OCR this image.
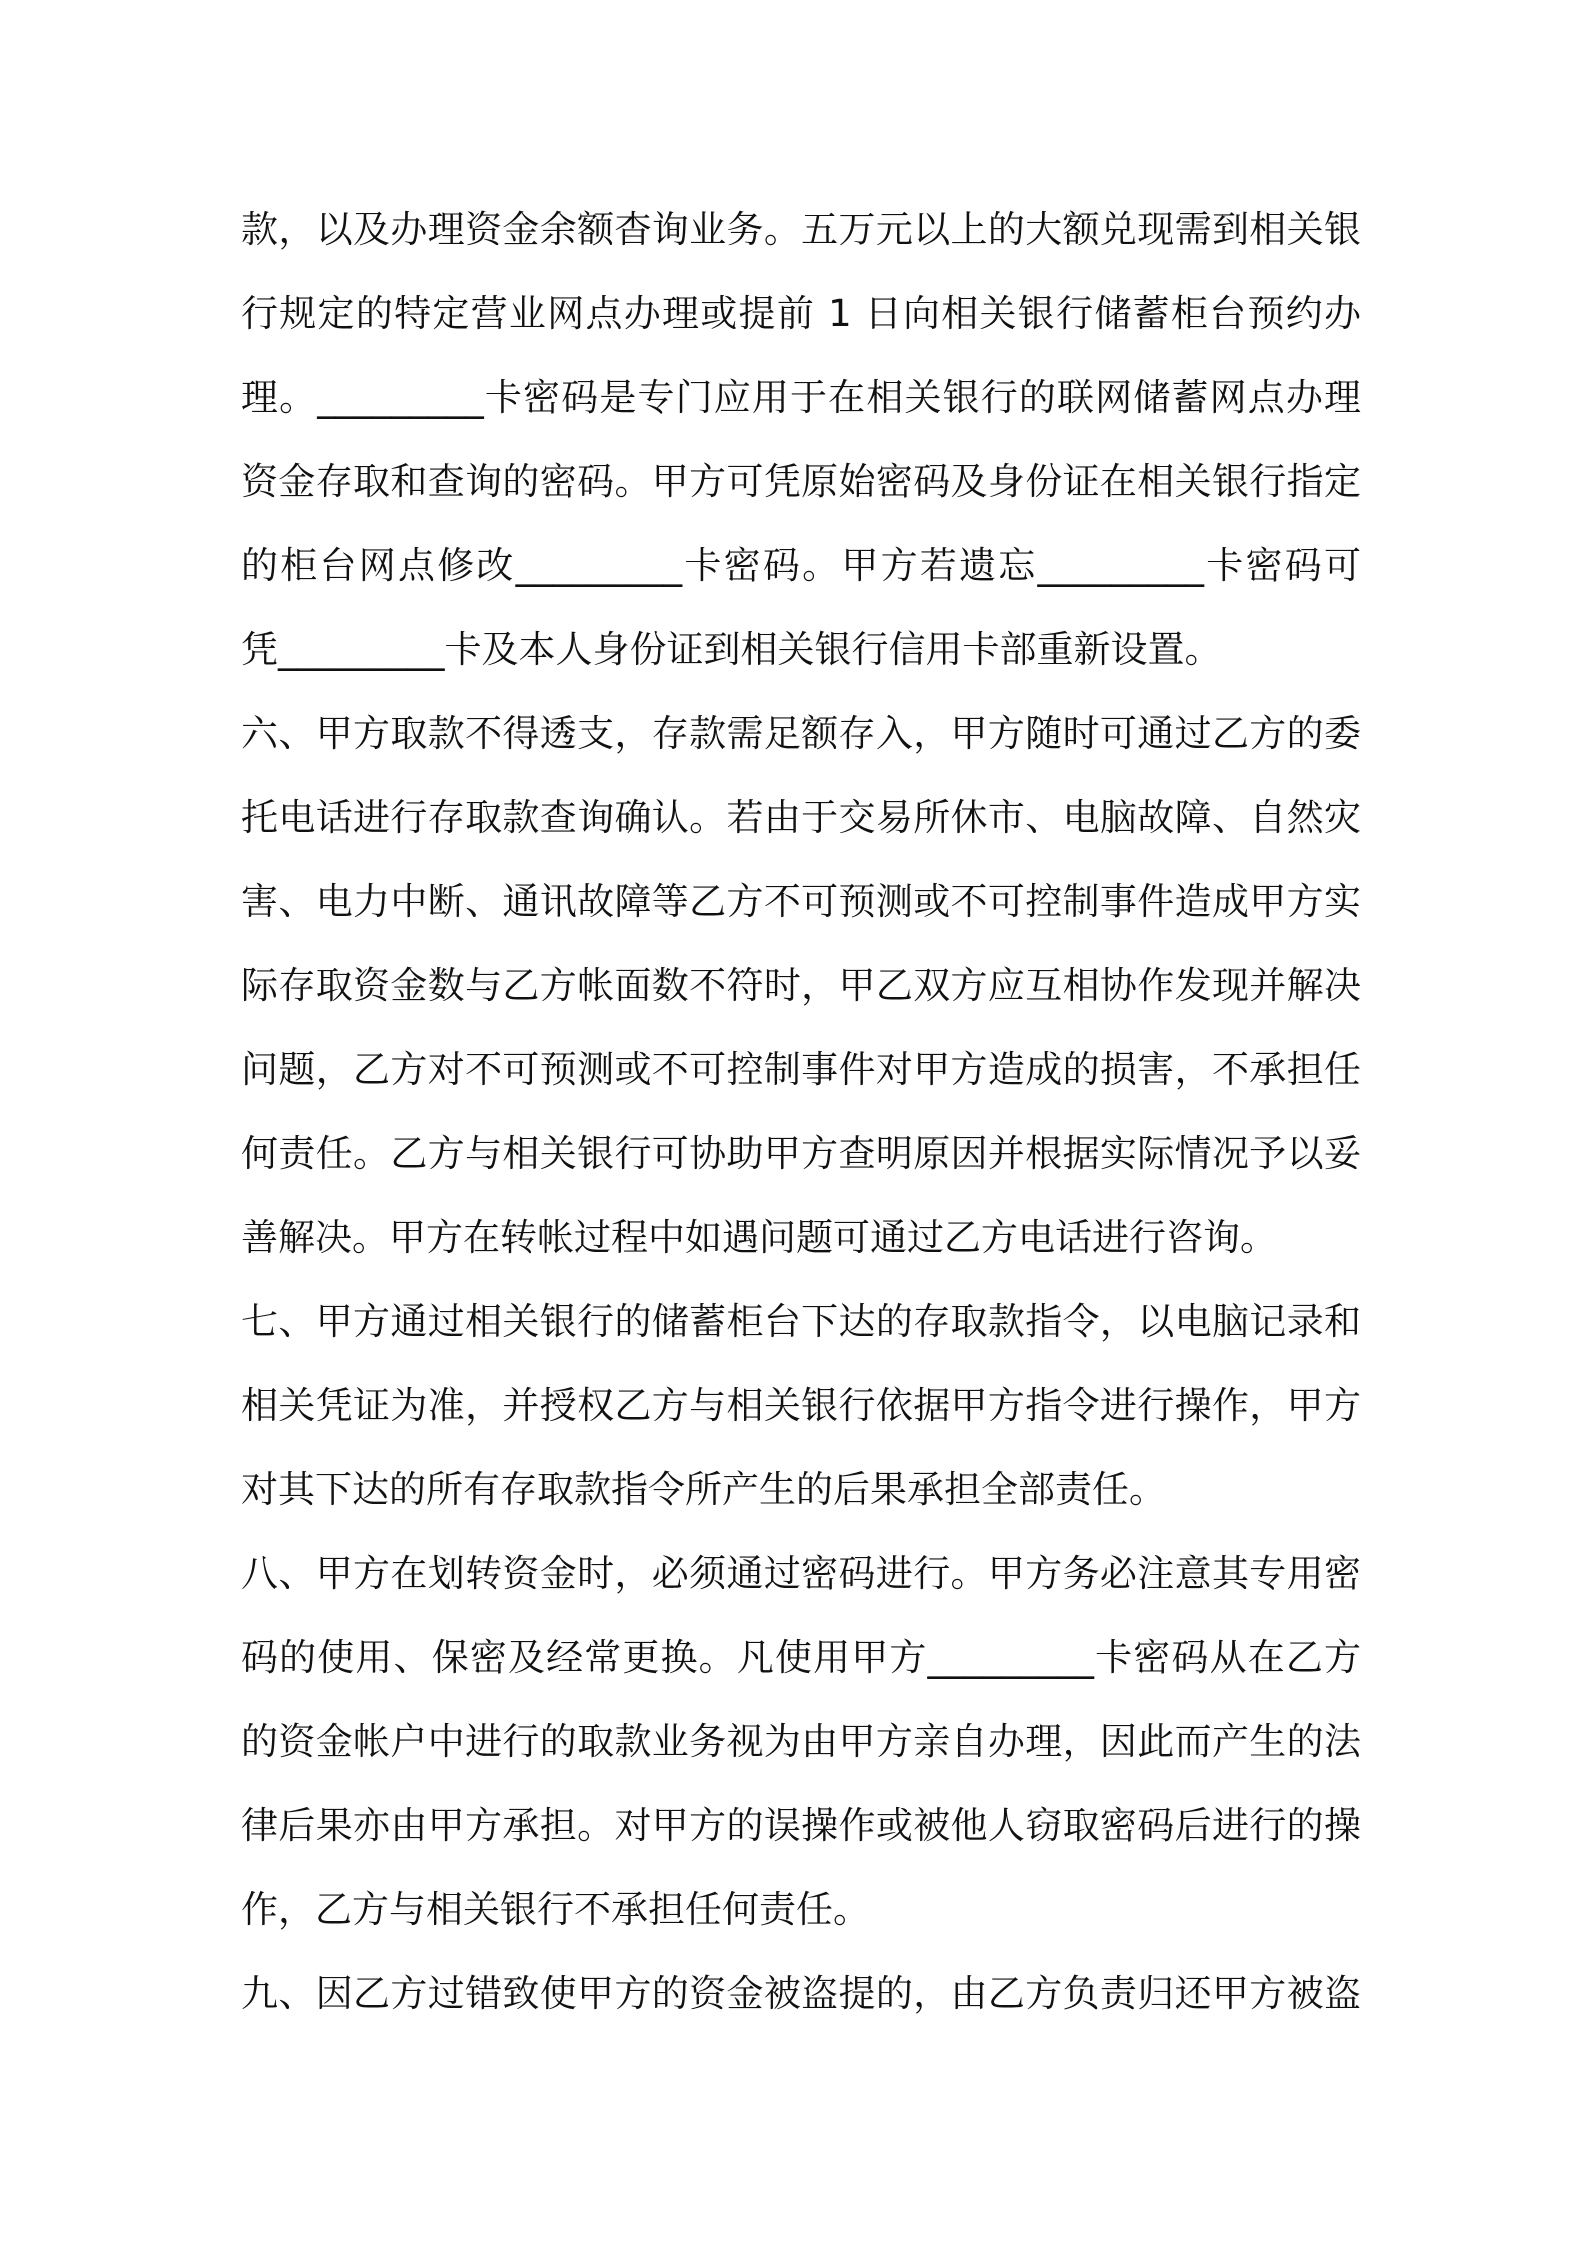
款，以及办理资金余额杳询业务。五万元以上的大额兑现需到相关银
行规定的特定营业网点办理或提前 1 日向相关银行储蓄柜台预约办
理。_________卡密码是专门应用于在相关银行的联网储蓄网点办理
资金存取和查询的密码。甲方可凭原始密码及身份证在相关银行指定
的柜台网点修改_________卡密码。甲方若遗忘_________卡密码可
凭_________卡及本人身份证到相关银行信用卡部重新设置。
六、甲方取款不得透支，存款需足额存入，甲方随时可通过乙方的委
托电话进行存取款查询确认。若由于交易所休市、电脑故障、自然灾
害、电力中断、通讯故障等乙方不可预测或不可控制事件造成甲方实
际存取资金数与乙方帐面数不符时，甲乙双方应互相协作发现并解决
问题，乙方对不可预测或不可控制事件对甲方造成的损害，不承担任
何责任。乙方与相关银行可协助甲方查明原因并根据实际情况予以妥
善解决。甲方在转帐过程中如遇问题可通过乙方电话进行咨询。
七、甲方通过相关银行的储蓄柜台下达的存取款指令，以电脑记录和
相关凭证为准，并授权乙方与相关银行依据甲方指令进行操作，甲方
对其下达的所有存取款指令所产生的后果承担全部责任。
八、甲方在划转资金时，必须通过密码进行。甲方务必注意其专用密
码的使用、保密及经常更换。凡使用甲方_________卡密码从在乙方
的资金帐户中进行的取款业务视为由甲方亲自办理，因此而产生的法
律后果亦由甲方承担。对甲方的误操作或被他人窃取密码后进行的操
作，乙方与相关银行不承担任何责任。
九、因乙方过错致使甲方的资金被盗提的，由乙方负责归还甲方被盗
